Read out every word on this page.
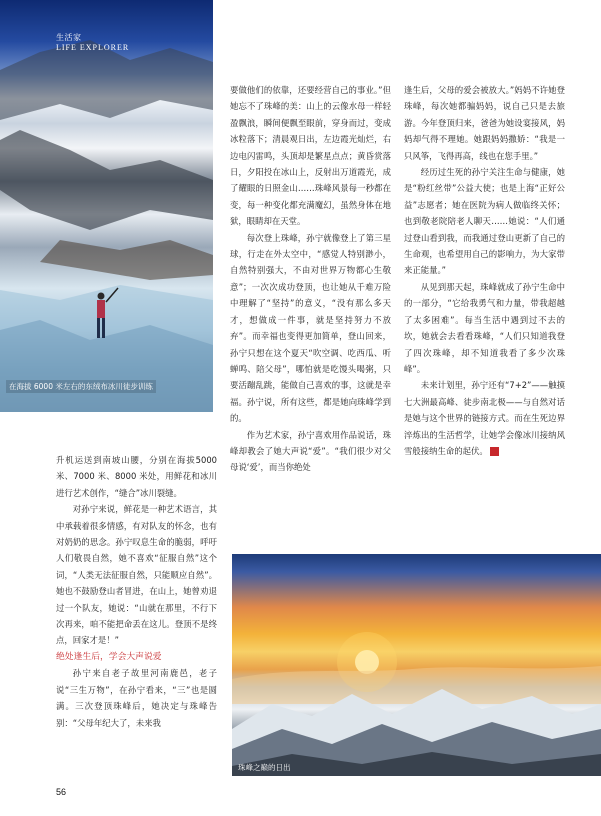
生活家
LIFE EXPLORER
在海拔 6000 米左右的东绒布冰川徒步训练

升机运送到南坡山腰，分别在海拔5000 米、7000 米、8000 米处，用鲜花和冰川进行艺术创作，“缝合”冰川裂缝。

对孙宁来说，鲜花是一种艺术语言，其中承载着很多情感，有对队友的怀念，也有对奶奶的思念。孙宁叹息生命的脆弱，呼吁人们敬畏自然，她不喜欢“征服自然”这个词，“人类无法征服自然，只能顺应自然”。她也不鼓励登山者冒进，在山上，她曾劝退过一个队友，她说：“山就在那里，不行下次再来，咱不能把命丢在这儿。登顶不是终点，回家才是！”

绝处逢生后，学会大声说爱

孙宁来自老子故里河南鹿邑，老子说“三生万物”，在孙宁看来，“三”也是圆满。三次登顶珠峰后，她决定与珠峰告别：“父母年纪大了，未来我

要做他们的依靠，还要经营自己的事业。”但她忘不了珠峰的美：山上的云像水母一样轻盈飘浪，瞬间便飘至眼前，穿身而过，变成冰粒落下；清晨观日出，左边霞光灿烂，右边电闪雷鸣，头顶却是繁星点点；黄昏赏落日，夕阳投在冰山上，反射出万道霞光，成了耀眼的日照金山……珠峰风景每一秒都在变，每一种变化都充满魔幻，虽然身体在地狱，眼睛却在天堂。

每次登上珠峰，孙宁就像登上了第三星球，行走在外太空中，“感觉人特别渺小，自然特别强大，不由对世界万物都心生敬意”；一次次成功登顶，也让她从千难万险中理解了“坚持”的意义，“没有那么多天才，想做成一件事，就是坚持努力不放弃”。而幸福也变得更加简单，登山回来，孙宁只想在这个夏天“吹空调、吃西瓜、听蝉鸣、陪父母”，哪怕就是吃馒头喝粥，只要活蹦乱跳，能做自己喜欢的事，这就是幸福。孙宁说，所有这些，都是她向珠峰学到的。

作为艺术家，孙宁喜欢用作品说话，珠峰却教会了她大声说“爱”。“我们很少对父母说‘爱’，而当你绝处

逢生后，父母的爱会被放大。”妈妈不许她登珠峰，每次她都骗妈妈，说自己只是去旅游。今年登顶归来，爸爸为她设宴接风，妈妈却气得不理她。她跟妈妈撒娇：“我是一只风筝，飞得再高，线也在您手里。”

经历过生死的孙宁关注生命与健康，她是“粉红丝带”公益大使；也是上海“正好公益”志愿者；她在医院为病人做临终关怀；也到敬老院陪老人聊天……她说：“人们通过登山看到我，而我通过登山更新了自己的生命观，也希望用自己的影响力，为大家带来正能量。”

从见到那天起，珠峰就成了孙宁生命中的一部分，“它给我勇气和力量，带我超越了太多困难”。每当生活中遇到过不去的坎，她就会去看看珠峰，“人们只知道我登了四次珠峰，却不知道我看了多少次珠峰”。

未来计划里，孙宁还有“7+2”——触摸七大洲最高峰、徒步南北极——与自然对话是她与这个世界的链接方式。而在生死边界淬炼出的生活哲学，让她学会像冰川接纳风雪般接纳生命的起伏。	ID

珠峰之巅的日出
56
